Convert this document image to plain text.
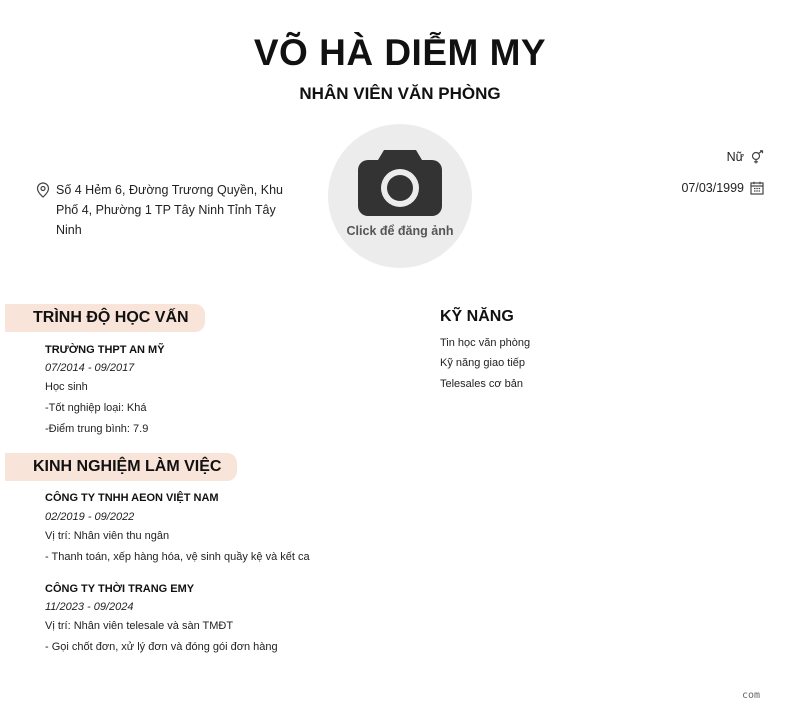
VÕ HÀ DIỄM MY
NHÂN VIÊN VĂN PHÒNG
Click để đăng ảnh
Số 4 Hẻm 6, Đường Trương Quyền, Khu Phố 4, Phường 1 TP Tây Ninh Tỉnh Tây Ninh
Nữ
07/03/1999
TRÌNH ĐỘ HỌC VẤN
TRƯỜNG THPT AN MỸ
07/2014 - 09/2017
Học sinh
-Tốt nghiệp loại: Khá
-Điểm trung bình: 7.9
KINH NGHIỆM LÀM VIỆC
CÔNG TY TNHH AEON VIỆT NAM
02/2019 - 09/2022
Vị trí: Nhân viên thu ngân
- Thanh toán, xếp hàng hóa, vệ sinh quầy kệ và kết ca
CÔNG TY THỜI TRANG EMY
11/2023 - 09/2024
Vị trí: Nhân viên telesale và sàn TMĐT
- Gọi chốt đơn, xử lý đơn và đóng gói đơn hàng
KỸ NĂNG
Tin học văn phòng
Kỹ năng giao tiếp
Telesales cơ bản
com
